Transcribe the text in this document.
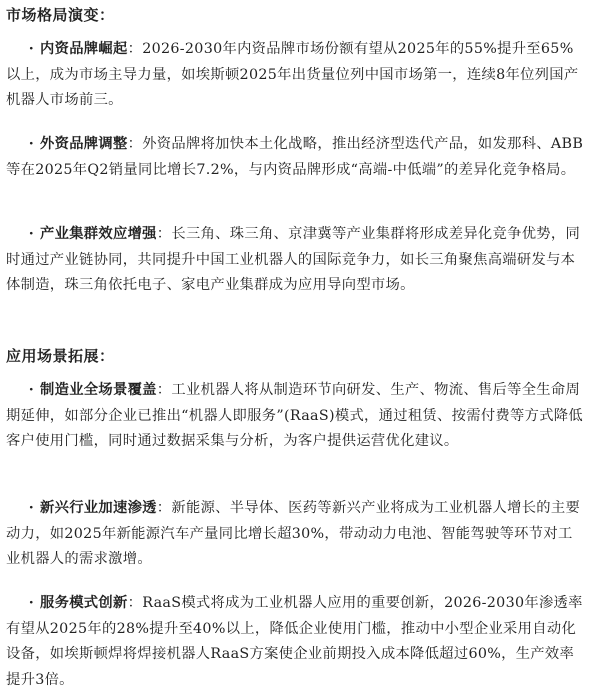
市场格局演变：
· 内资品牌崛起：2026-2030年内资品牌市场份额有望从2025年的55%提升至65%以上，成为市场主导力量，如埃斯顿2025年出货量位列中国市场第一，连续8年位列国产机器人市场前三。
· 外资品牌调整：外资品牌将加快本土化战略，推出经济型迭代产品，如发那科、ABB等在2025年Q2销量同比增长7.2%，与内资品牌形成“高端-中低端”的差异化竞争格局。
· 产业集群效应增强：长三角、珠三角、京津冀等产业集群将形成差异化竞争优势，同时通过产业链协同，共同提升中国工业机器人的国际竞争力，如长三角聚焦高端研发与本体制造，珠三角依托电子、家电产业集群成为应用导向型市场。
应用场景拓展：
· 制造业全场景覆盖：工业机器人将从制造环节向研发、生产、物流、售后等全生命周期延伸，如部分企业已推出“机器人即服务”(RaaS)模式，通过租赁、按需付费等方式降低客户使用门槛，同时通过数据采集与分析，为客户提供运营优化建议。
· 新兴行业加速渗透：新能源、半导体、医药等新兴产业将成为工业机器人增长的主要动力，如2025年新能源汽车产量同比增长超30%，带动动力电池、智能驾驶等环节对工业机器人的需求激增。
· 服务模式创新：RaaS模式将成为工业机器人应用的重要创新，2026-2030年渗透率有望从2025年的28%提升至40%以上，降低企业使用门槛，推动中小型企业采用自动化设备，如埃斯顿焊将焊接机器人RaaS方案使企业前期投入成本降低超过60%，生产效率提升3倍。
